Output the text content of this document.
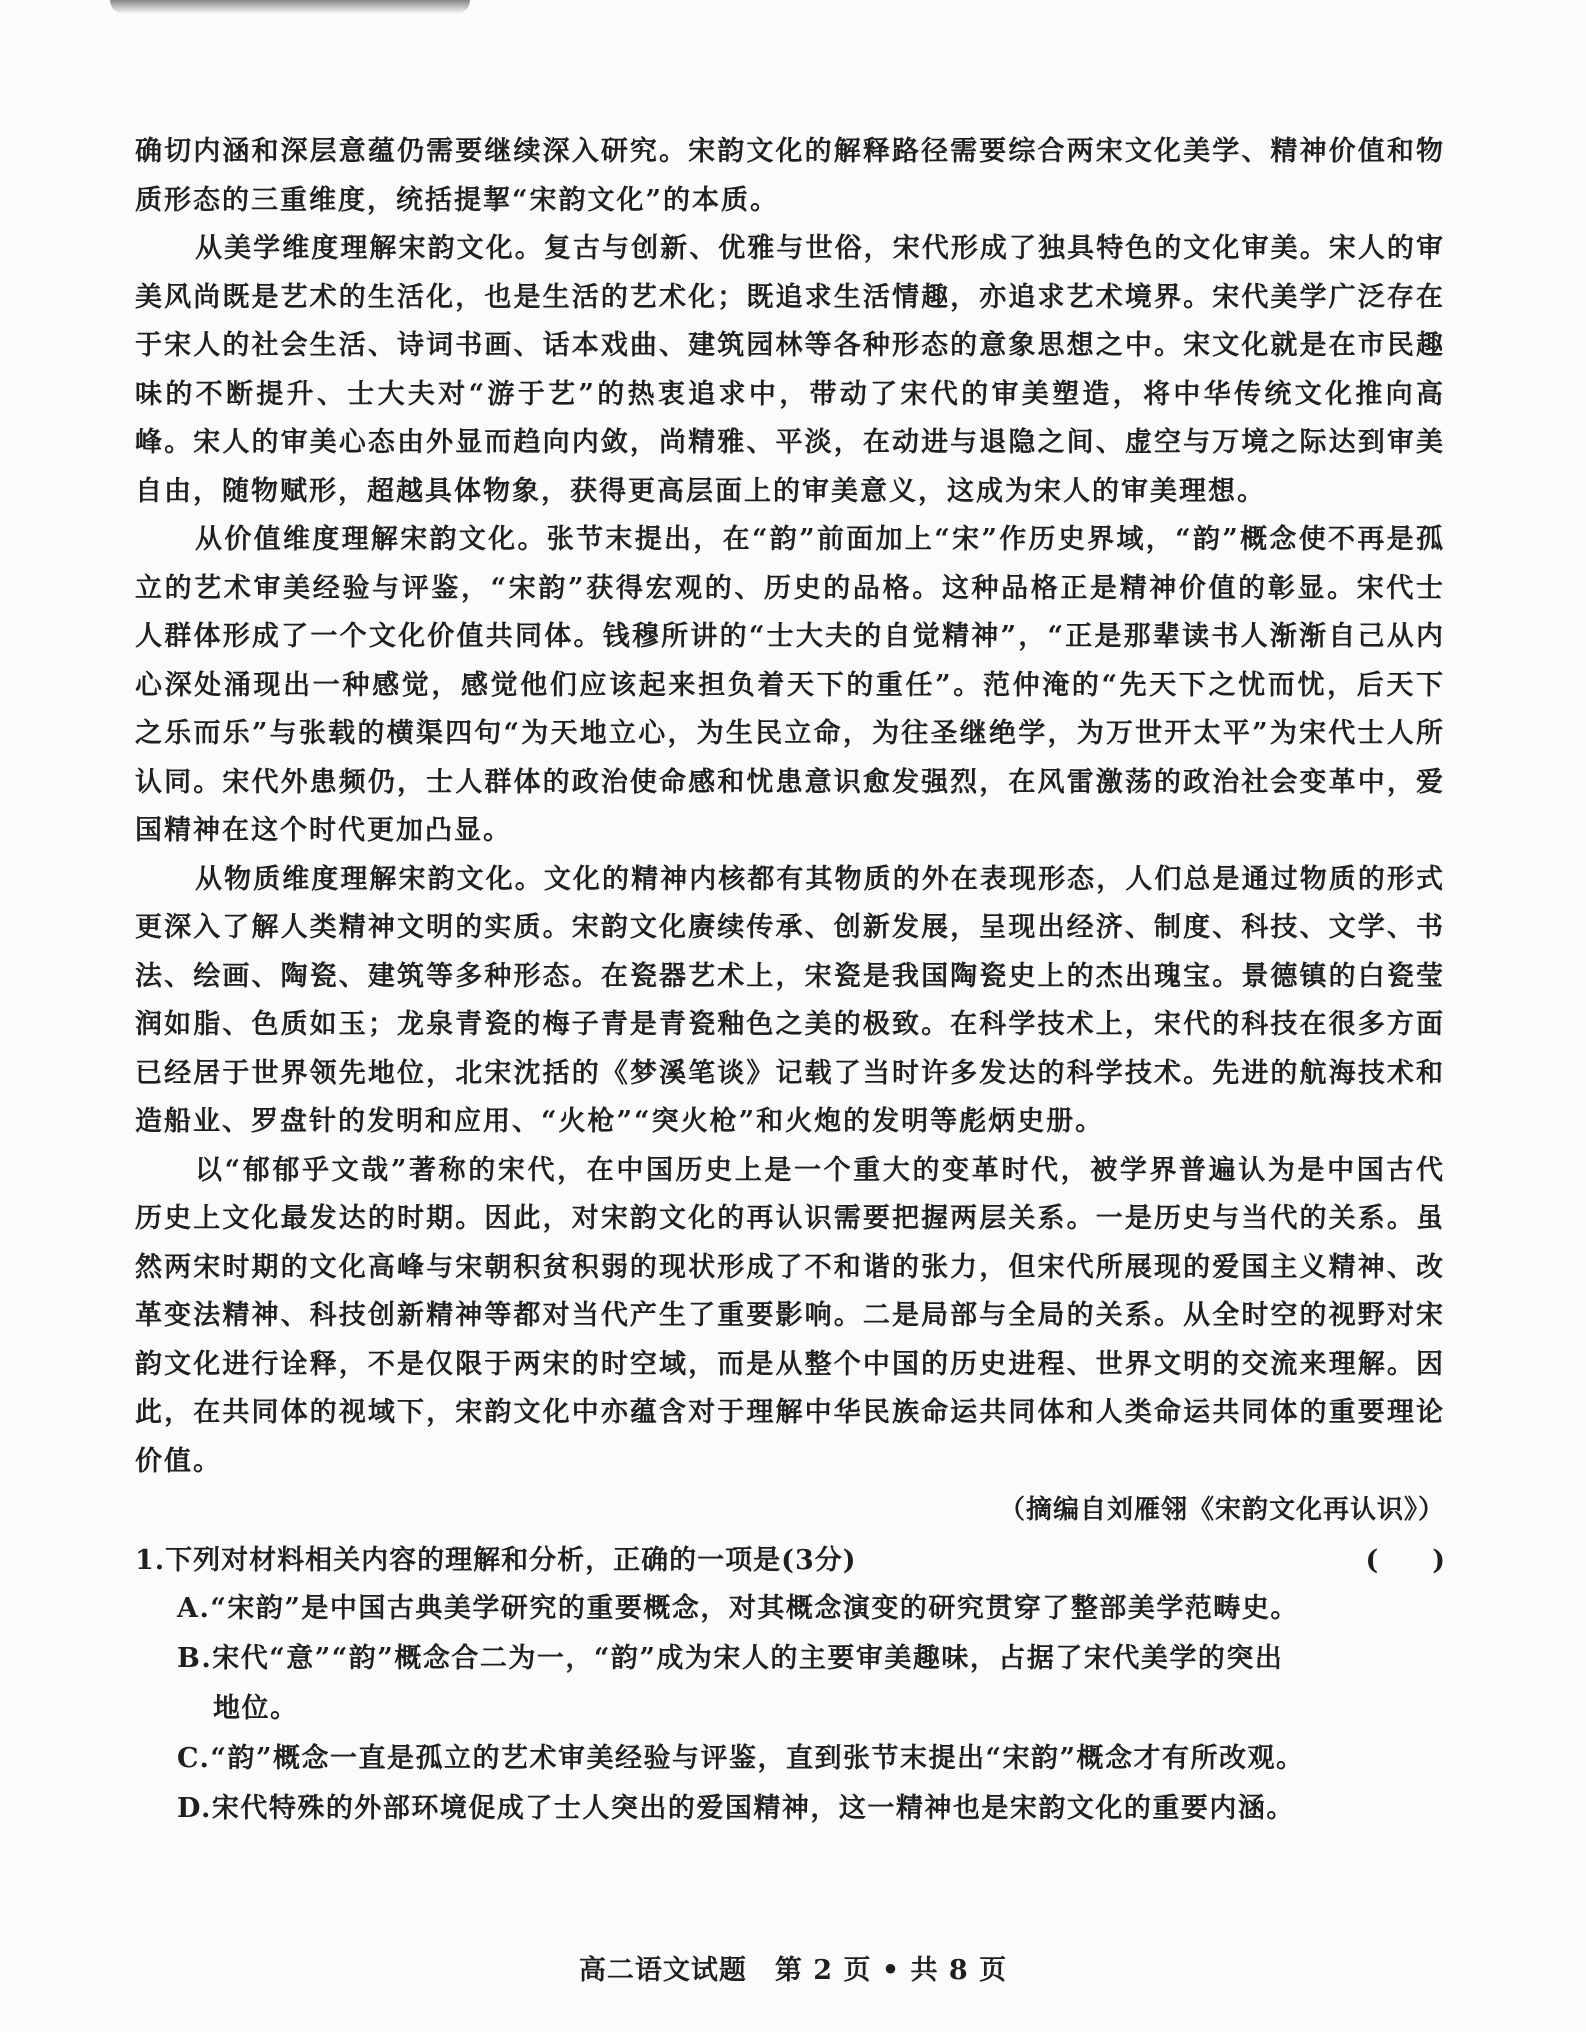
确切内涵和深层意蕴仍需要继续深入研究。宋韵文化的解释路径需要综合两宋文化美学、精神价值和物质形态的三重维度，统括提挈“宋韵文化”的本质。

从美学维度理解宋韵文化。复古与创新、优雅与世俗，宋代形成了独具特色的文化审美。宋人的审美风尚既是艺术的生活化，也是生活的艺术化；既追求生活情趣，亦追求艺术境界。宋代美学广泛存在于宋人的社会生活、诗词书画、话本戏曲、建筑园林等各种形态的意象思想之中。宋文化就是在市民趣味的不断提升、士大夫对“游于艺”的热衷追求中，带动了宋代的审美塑造，将中华传统文化推向高峰。宋人的审美心态由外显而趋向内敛，尚精雅、平淡，在动进与退隐之间、虚空与万境之际达到审美自由，随物赋形，超越具体物象，获得更高层面上的审美意义，这成为宋人的审美理想。

从价值维度理解宋韵文化。张节末提出，在“韵”前面加上“宋”作历史界域，“韵”概念使不再是孤立的艺术审美经验与评鉴，“宋韵”获得宏观的、历史的品格。这种品格正是精神价值的彰显。宋代士人群体形成了一个文化价值共同体。钱穆所讲的“士大夫的自觉精神”，“正是那辈读书人渐渐自己从内心深处涌现出一种感觉，感觉他们应该起来担负着天下的重任”。范仲淹的“先天下之忧而忧，后天下之乐而乐”与张载的横渠四句“为天地立心，为生民立命，为往圣继绝学，为万世开太平”为宋代士人所认同。宋代外患频仍，士人群体的政治使命感和忧患意识愈发强烈，在风雷激荡的政治社会变革中，爱国精神在这个时代更加凸显。

从物质维度理解宋韵文化。文化的精神内核都有其物质的外在表现形态，人们总是通过物质的形式更深入了解人类精神文明的实质。宋韵文化赓续传承、创新发展，呈现出经济、制度、科技、文学、书法、绘画、陶瓷、建筑等多种形态。在瓷器艺术上，宋瓷是我国陶瓷史上的杰出瑰宝。景德镇的白瓷莹润如脂、色质如玉；龙泉青瓷的梅子青是青瓷釉色之美的极致。在科学技术上，宋代的科技在很多方面已经居于世界领先地位，北宋沈括的《梦溪笔谈》记载了当时许多发达的科学技术。先进的航海技术和造船业、罗盘针的发明和应用、“火枪”“突火枪”和火炮的发明等彪炳史册。

以“郁郁乎文哉”著称的宋代，在中国历史上是一个重大的变革时代，被学界普遍认为是中国古代历史上文化最发达的时期。因此，对宋韵文化的再认识需要把握两层关系。一是历史与当代的关系。虽然两宋时期的文化高峰与宋朝积贫积弱的现状形成了不和谐的张力，但宋代所展现的爱国主义精神、改革变法精神、科技创新精神等都对当代产生了重要影响。二是局部与全局的关系。从全时空的视野对宋韵文化进行诠释，不是仅限于两宋的时空域，而是从整个中国的历史进程、世界文明的交流来理解。因此，在共同体的视域下，宋韵文化中亦蕴含对于理解中华民族命运共同体和人类命运共同体的重要理论价值。

（摘编自刘雁翎《宋韵文化再认识》）
1.下列对材料相关内容的理解和分析，正确的一项是(3分)	(　　)
A.“宋韵”是中国古典美学研究的重要概念，对其概念演变的研究贯穿了整部美学范畴史。
B.宋代“意”“韵”概念合二为一，“韵”成为宋人的主要审美趣味，占据了宋代美学的突出
地位。
C.“韵”概念一直是孤立的艺术审美经验与评鉴，直到张节末提出“宋韵”概念才有所改观。
D.宋代特殊的外部环境促成了士人突出的爱国精神，这一精神也是宋韵文化的重要内涵。
高二语文试题　第 2 页 • 共 8 页
